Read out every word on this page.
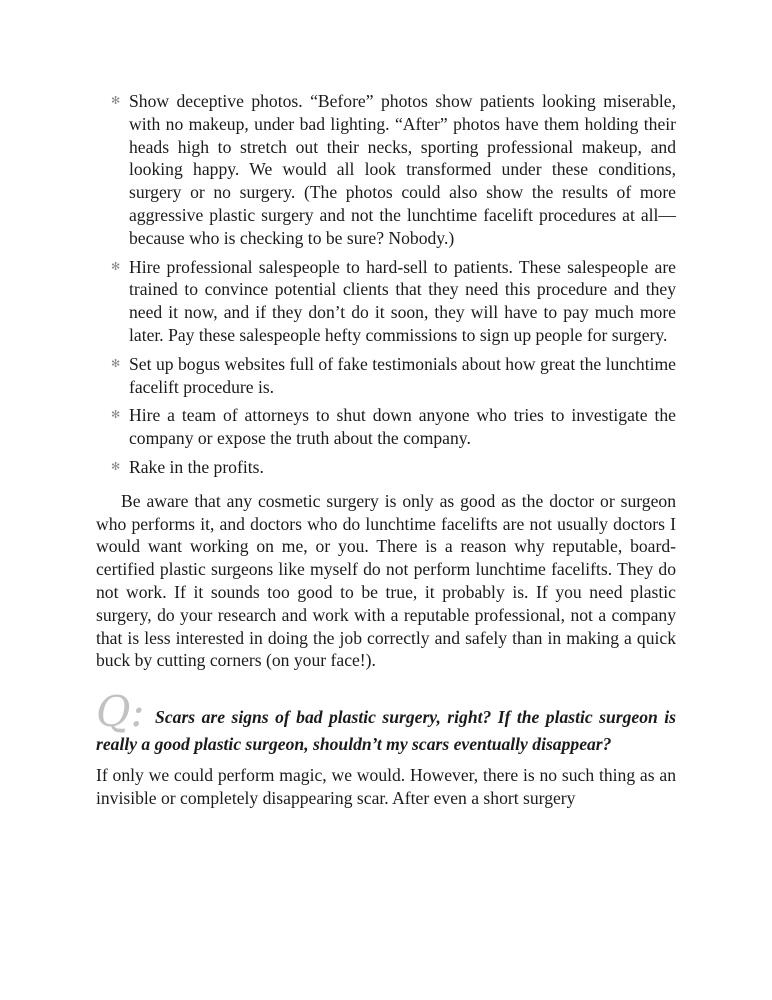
✻ Show deceptive photos. “Before” photos show patients looking miserable, with no makeup, under bad lighting. “After” photos have them holding their heads high to stretch out their necks, sporting professional makeup, and looking happy. We would all look transformed under these conditions, surgery or no surgery. (The photos could also show the results of more aggressive plastic surgery and not the lunchtime facelift procedures at all—because who is checking to be sure? Nobody.)
✻ Hire professional salespeople to hard-sell to patients. These salespeople are trained to convince potential clients that they need this procedure and they need it now, and if they don’t do it soon, they will have to pay much more later. Pay these salespeople hefty commissions to sign up people for surgery.
✻ Set up bogus websites full of fake testimonials about how great the lunchtime facelift procedure is.
✻ Hire a team of attorneys to shut down anyone who tries to investigate the company or expose the truth about the company.
✻ Rake in the profits.

Be aware that any cosmetic surgery is only as good as the doctor or surgeon who performs it, and doctors who do lunchtime facelifts are not usually doctors I would want working on me, or you. There is a reason why reputable, board-certified plastic surgeons like myself do not perform lunchtime facelifts. They do not work. If it sounds too good to be true, it probably is. If you need plastic surgery, do your research and work with a reputable professional, not a company that is less interested in doing the job correctly and safely than in making a quick buck by cutting corners (on your face!).

Q: Scars are signs of bad plastic surgery, right? If the plastic surgeon is really a good plastic surgeon, shouldn’t my scars eventually disappear?

If only we could perform magic, we would. However, there is no such thing as an invisible or completely disappearing scar. After even a short surgery
